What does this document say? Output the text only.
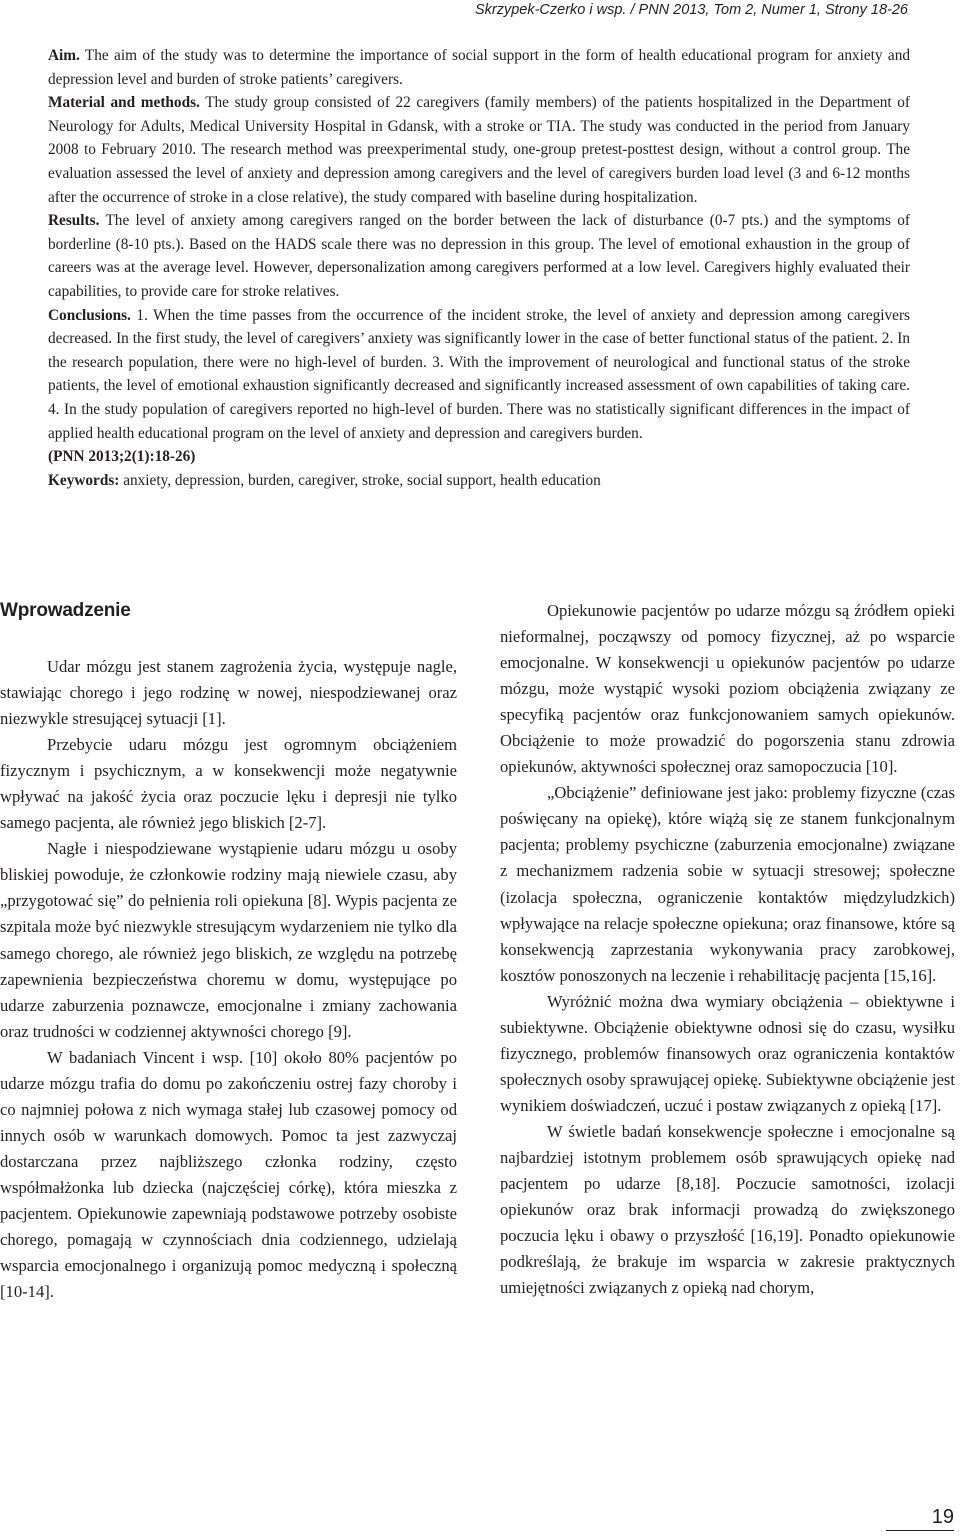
Skrzypek-Czerko i wsp. / PNN 2013, Tom 2, Numer 1, Strony 18-26

Aim. The aim of the study was to determine the importance of social support in the form of health educational program for anxiety and depression level and burden of stroke patients’ caregivers.

Material and methods. The study group consisted of 22 caregivers (family members) of the patients hospitalized in the Department of Neurology for Adults, Medical University Hospital in Gdansk, with a stroke or TIA. The study was conducted in the period from January 2008 to February 2010. The research method was preexperimental study, one-group pretest-posttest design, without a control group. The evaluation assessed the level of anxiety and depression among caregivers and the level of caregivers burden load level (3 and 6-12 months after the occurrence of stroke in a close relative), the study compared with baseline during hospitalization.

Results. The level of anxiety among caregivers ranged on the border between the lack of disturbance (0-7 pts.) and the symptoms of borderline (8-10 pts.). Based on the HADS scale there was no depression in this group. The level of emotional exhaustion in the group of careers was at the average level. However, depersonalization among caregivers performed at a low level. Caregivers highly evaluated their capabilities, to provide care for stroke relatives.

Conclusions. 1. When the time passes from the occurrence of the incident stroke, the level of anxiety and depression among caregivers decreased. In the first study, the level of caregivers’ anxiety was significantly lower in the case of better functional status of the patient. 2. In the research population, there were no high-level of burden. 3. With the improvement of neurological and functional status of the stroke patients, the level of emotional exhaustion significantly decreased and significantly increased assessment of own capabilities of taking care. 4. In the study population of caregivers reported no high-level of burden. There was no statistically significant differences in the impact of applied health educational program on the level of anxiety and depression and caregivers burden.

(PNN 2013;2(1):18-26)

Keywords: anxiety, depression, burden, caregiver, stroke, social support, health education

Wprowadzenie

Udar mózgu jest stanem zagrożenia życia, występuje nagle, stawiając chorego i jego rodzinę w nowej, niespodziewanej oraz niezwykle stresującej sytuacji [1].

Przebycie udaru mózgu jest ogromnym obciążeniem fizycznym i psychicznym, a w konsekwencji może negatywnie wpływać na jakość życia oraz poczucie lęku i depresji nie tylko samego pacjenta, ale również jego bliskich [2-7].

Nagłe i niespodziewane wystąpienie udaru mózgu u osoby bliskiej powoduje, że członkowie rodziny mają niewiele czasu, aby „przygotować się” do pełnienia roli opiekuna [8]. Wypis pacjenta ze szpitala może być niezwykle stresującym wydarzeniem nie tylko dla samego chorego, ale również jego bliskich, ze względu na potrzebę zapewnienia bezpieczeństwa choremu w domu, występujące po udarze zaburzenia poznawcze, emocjonalne i zmiany zachowania oraz trudności w codziennej aktywności chorego [9].

W badaniach Vincent i wsp. [10] około 80% pacjentów po udarze mózgu trafia do domu po zakończeniu ostrej fazy choroby i co najmniej połowa z nich wymaga stałej lub czasowej pomocy od innych osób w warunkach domowych. Pomoc ta jest zazwyczaj dostarczana przez najbliższego członka rodziny, często współmałżonka lub dziecka (najczęściej córkę), która mieszka z pacjentem. Opiekunowie zapewniają podstawowe potrzeby osobiste chorego, pomagają w czynnościach dnia codziennego, udzielają wsparcia emocjonalnego i organizują pomoc medyczną i społeczną [10-14].

Opiekunowie pacjentów po udarze mózgu są źródłem opieki nieformalnej, począwszy od pomocy fizycznej, aż po wsparcie emocjonalne. W konsekwencji u opiekunów pacjentów po udarze mózgu, może wystąpić wysoki poziom obciążenia związany ze specyfiką pacjentów oraz funkcjonowaniem samych opiekunów. Obciążenie to może prowadzić do pogorszenia stanu zdrowia opiekunów, aktywności społecznej oraz samopoczucia [10].

„Obciążenie” definiowane jest jako: problemy fizyczne (czas poświęcany na opiekę), które wiążą się ze stanem funkcjonalnym pacjenta; problemy psychiczne (zaburzenia emocjonalne) związane z mechanizmem radzenia sobie w sytuacji stresowej; społeczne (izolacja społeczna, ograniczenie kontaktów międzyludzkich) wpływające na relacje społeczne opiekuna; oraz finansowe, które są konsekwencją zaprzestania wykonywania pracy zarobkowej, kosztów ponoszonych na leczenie i rehabilitację pacjenta [15,16].

Wyróżnić można dwa wymiary obciążenia – obiektywne i subiektywne. Obciążenie obiektywne odnosi się do czasu, wysiłku fizycznego, problemów finansowych oraz ograniczenia kontaktów społecznych osoby sprawującej opiekę. Subiektywne obciążenie jest wynikiem doświadczeń, uczuć i postaw związanych z opieką [17].

W świetle badań konsekwencje społeczne i emocjonalne są najbardziej istotnym problemem osób sprawujących opiekę nad pacjentem po udarze [8,18]. Poczucie samotności, izolacji opiekunów oraz brak informacji prowadzą do zwiększonego poczucia lęku i obawy o przyszłość [16,19]. Ponadto opiekunowie podkreślają, że brakuje im wsparcia w zakresie praktycznych umiejętności związanych z opieką nad chorym,

19
